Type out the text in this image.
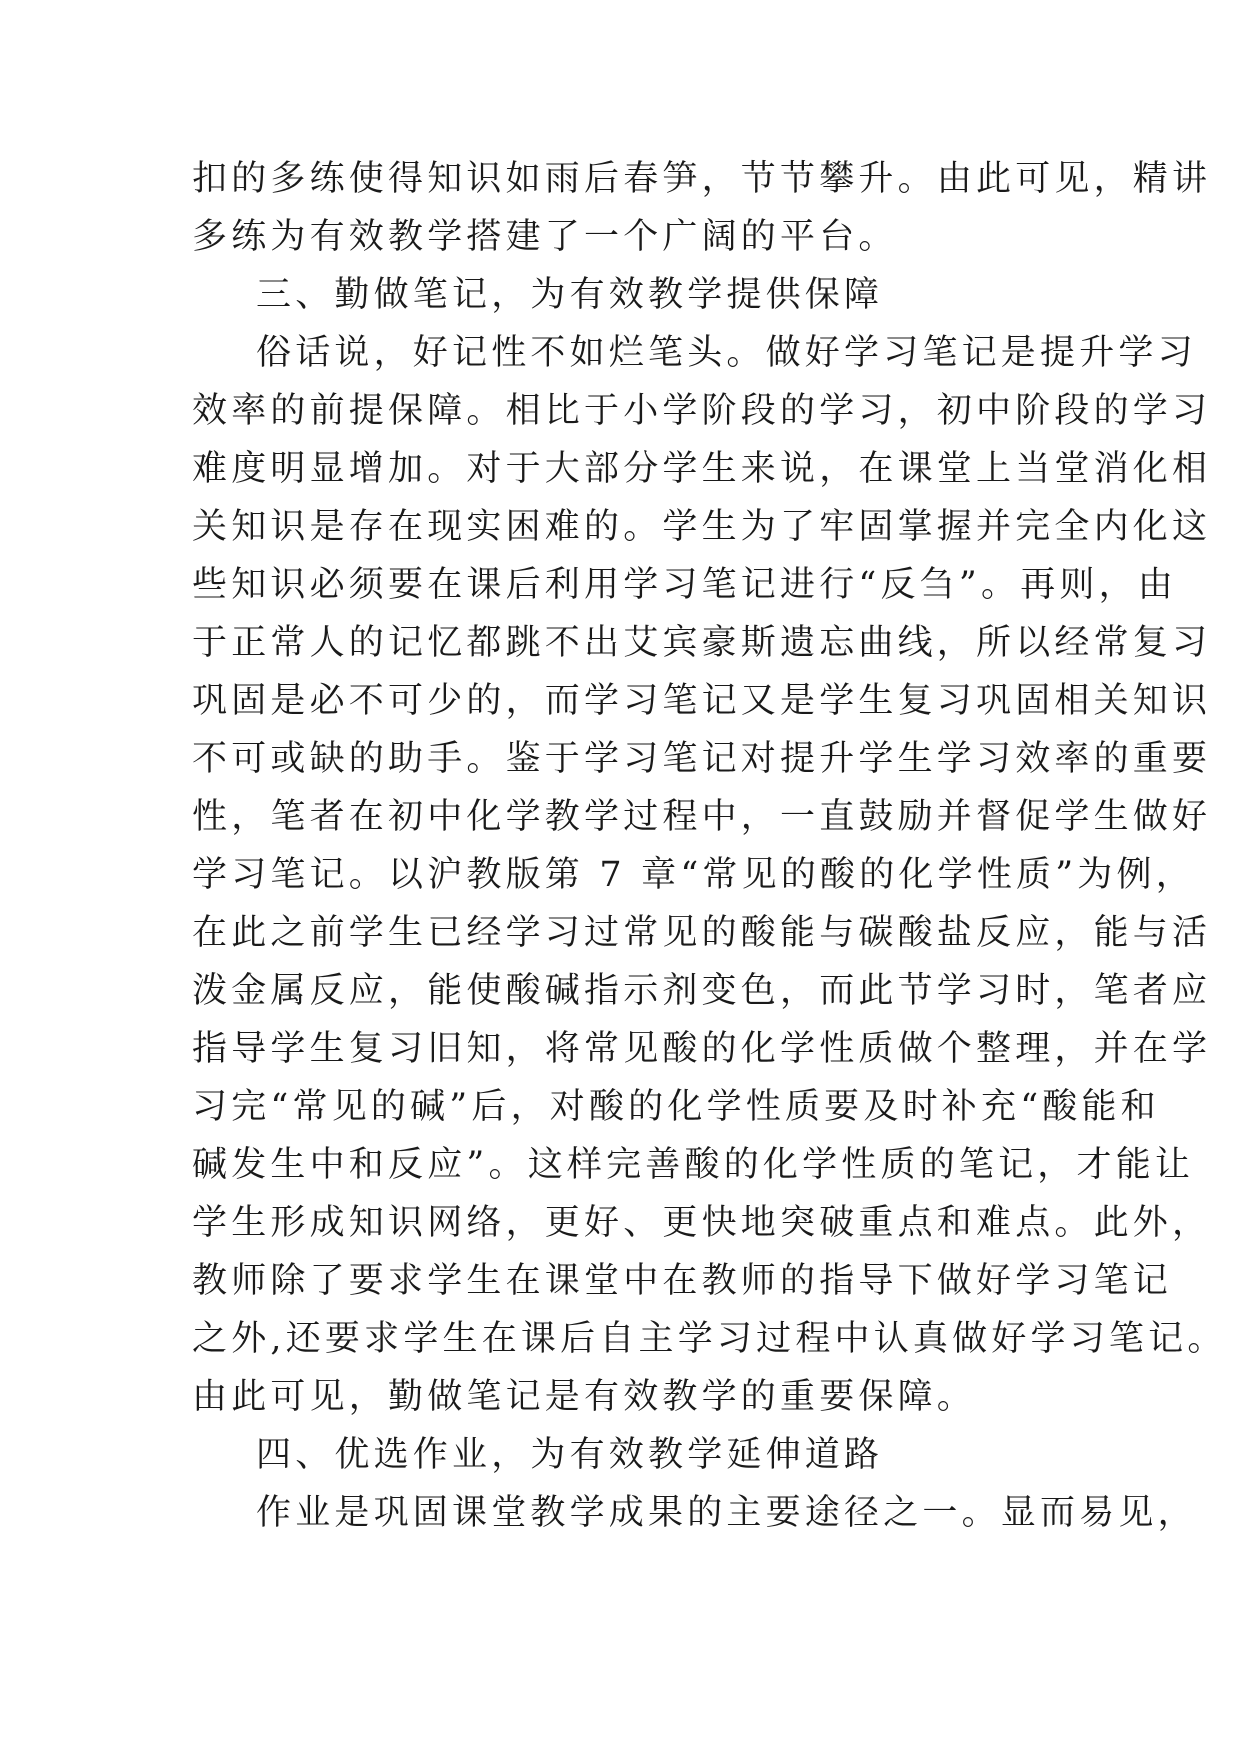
扣的多练使得知识如雨后春笋，节节攀升。由此可见，精讲
多练为有效教学搭建了一个广阔的平台。
三、勤做笔记，为有效教学提供保障
俗话说，好记性不如烂笔头。做好学习笔记是提升学习
效率的前提保障。相比于小学阶段的学习，初中阶段的学习
难度明显增加。对于大部分学生来说，在课堂上当堂消化相
关知识是存在现实困难的。学生为了牢固掌握并完全内化这
些知识必须要在课后利用学习笔记进行“反刍”。再则，由
于正常人的记忆都跳不出艾宾豪斯遗忘曲线，所以经常复习
巩固是必不可少的，而学习笔记又是学生复习巩固相关知识
不可或缺的助手。鉴于学习笔记对提升学生学习效率的重要
性，笔者在初中化学教学过程中，一直鼓励并督促学生做好
学习笔记。以沪教版第 7 章“常见的酸的化学性质”为例，
在此之前学生已经学习过常见的酸能与碳酸盐反应，能与活
泼金属反应，能使酸碱指示剂变色，而此节学习时，笔者应
指导学生复习旧知，将常见酸的化学性质做个整理，并在学
习完“常见的碱”后，对酸的化学性质要及时补充“酸能和
碱发生中和反应”。这样完善酸的化学性质的笔记，才能让
学生形成知识网络，更好、更快地突破重点和难点。此外，
教师除了要求学生在课堂中在教师的指导下做好学习笔记
之外,还要求学生在课后自主学习过程中认真做好学习笔记。
由此可见，勤做笔记是有效教学的重要保障。
四、优选作业，为有效教学延伸道路
作业是巩固课堂教学成果的主要途径之一。显而易见，
